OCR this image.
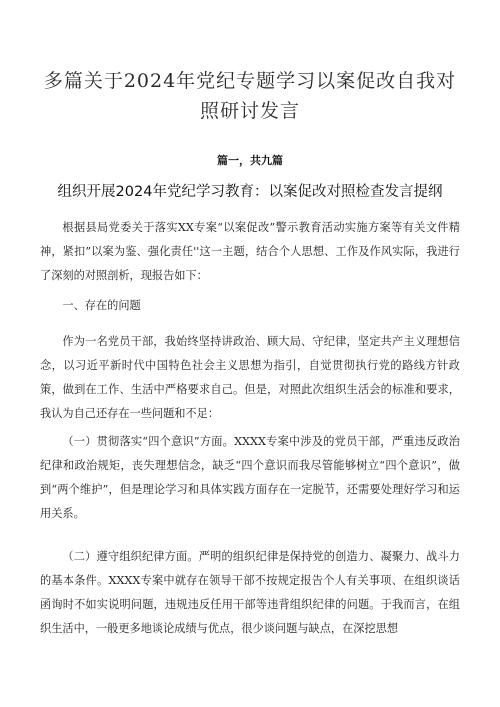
多篇关于2024年党纪专题学习以案促改自我对照研讨发言
篇一，共九篇
组织开展2024年党纪学习教育：以案促改对照检查发言提纲

根据县局党委关于落实XX专案“以案促改”警示教育活动实施方案等有关文件精神，紧扣”以案为鉴、强化责任''这一主题，结合个人思想、工作及作风实际，我进行了深刻的对照剖析，现报告如下：

一、存在的问题

作为一名党员干部，我始终坚持讲政治、顾大局、守纪律，坚定共产主义理想信念，以习近平新时代中国特色社会主义思想为指引，自觉贯彻执行党的路线方针政策，做到在工作、生活中严格要求自己。但是，对照此次组织生活会的标准和要求，我认为自己还存在一些问题和不足：

（一）贯彻落实“四个意识”方面。XXXX专案中涉及的党员干部，严重违反政治纪律和政治规矩，丧失理想信念，缺乏“四个意识而我尽管能够树立“四个意识”，做到“两个维护”，但是理论学习和具体实践方面存在一定脱节，还需要处理好学习和运用关系。

（二）遵守组织纪律方面。严明的组织纪律是保持党的创造力、凝聚力、战斗力的基本条件。XXXX专案中就存在领导干部不按规定报告个人有关事项、在组织谈话函询时不如实说明问题，违规违反任用干部等违背组织纪律的问题。于我而言，在组织生活中，一般更多地谈论成绩与优点，很少谈问题与缺点，在深挖思想
